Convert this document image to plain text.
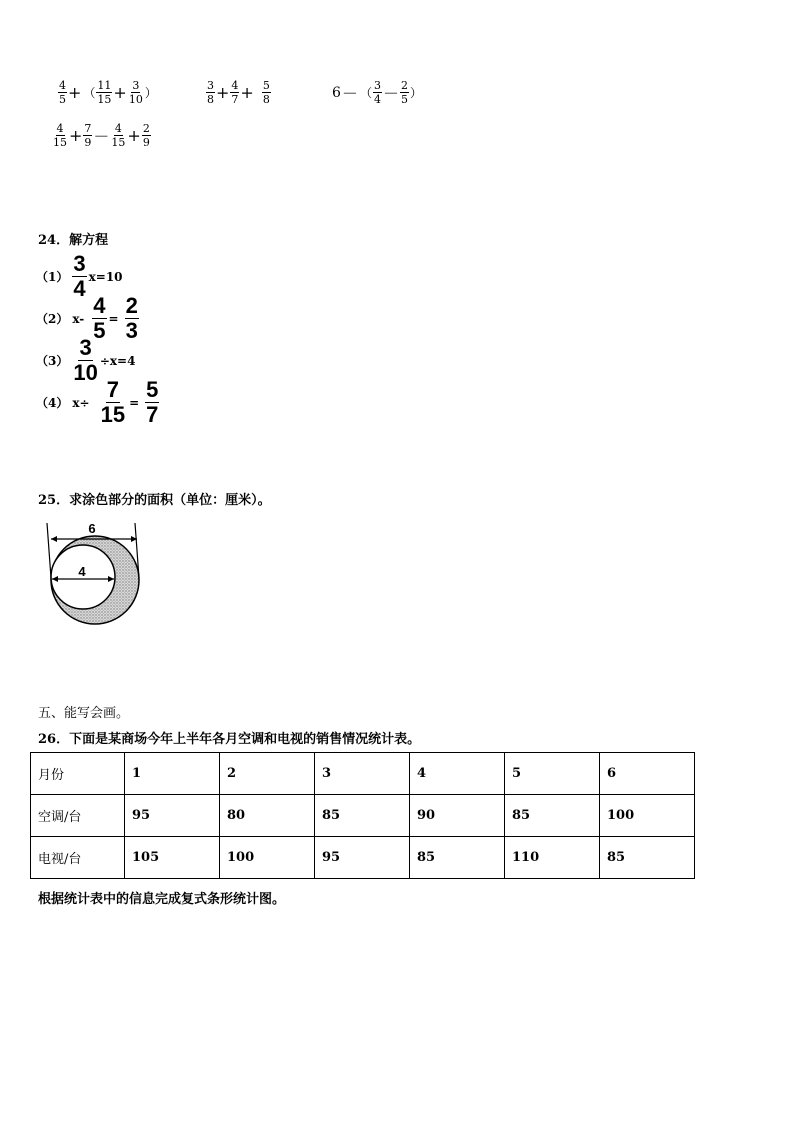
$\frac{4}{5}$ + （ $\frac{11}{15} + \frac{3}{10}$ ）	$\frac{3}{8} + \frac{4}{7} + \frac{5}{8}$	6 － （ $\frac{3}{4} - \frac{2}{5}$ ）
$\frac{4}{15} + \frac{7}{9} - \frac{4}{15} + \frac{2}{9}$
24．解方程
$(1) \frac{3}{4} x=10$
（2） $x- \frac{4}{5} = \frac{2}{3}$
$(3) \frac{3}{10} \div x=4$
（4） $x\div \frac{7}{15} = \frac{5}{7}$
25．求涂色部分的面积（单位：厘米）。
6
4
五、能写会画。
26．下面是某商场今年上半年各月空调和电视的销售情况统计表。
月份	1	2	3	4	5	6
空调/台	95	80	85	90	85	100
电视/台	105	100	95	85	110	85
根据统计表中的信息完成复式条形统计图。
